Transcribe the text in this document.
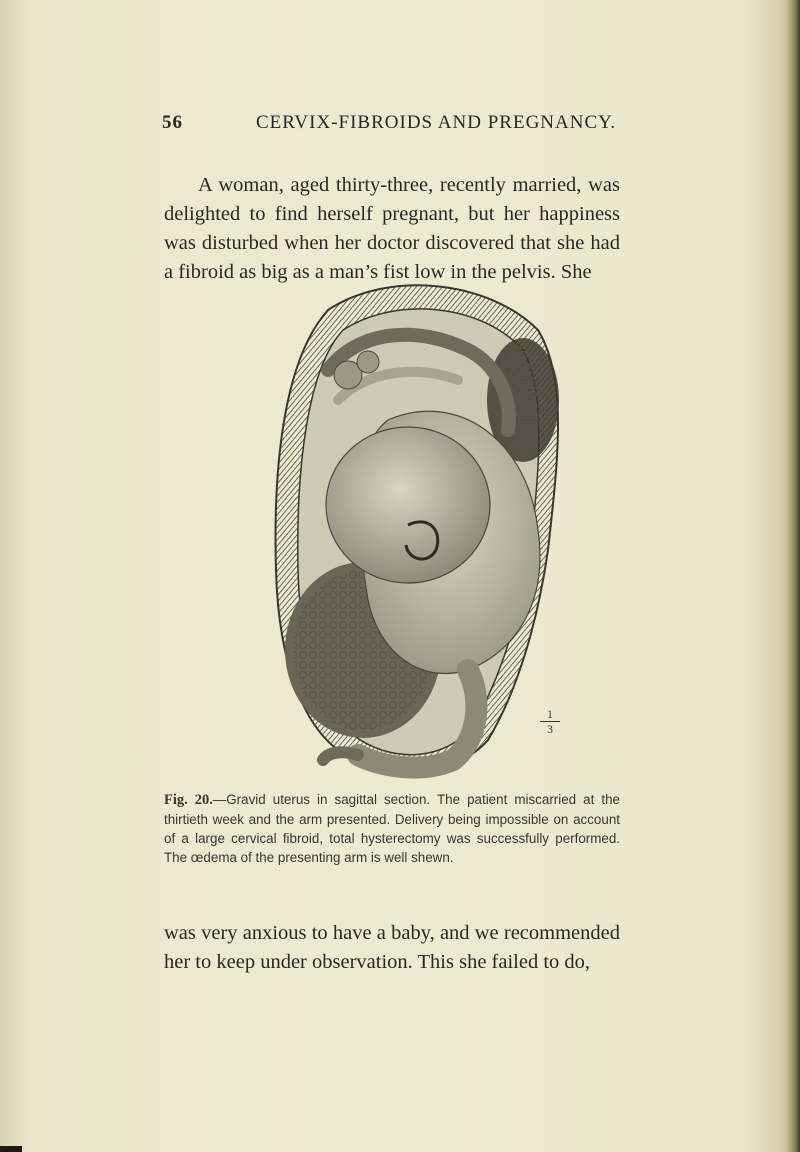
56	CERVIX-FIBROIDS AND PREGNANCY.

A woman, aged thirty-three, recently married, was delighted to find herself pregnant, but her happiness was disturbed when her doctor discovered that she had a fibroid as big as a man’s fist low in the pelvis. She

​
$\frac{1}{3}$
Fig. 20.—Gravid uterus in sagittal section. The patient miscarried at the thirtieth week and the arm presented. Delivery being impossible on account of a large cervical fibroid, total hysterectomy was successfully performed. The œdema of the presenting arm is well shewn.

was very anxious to have a baby, and we recommended her to keep under observation. This she failed to do,
